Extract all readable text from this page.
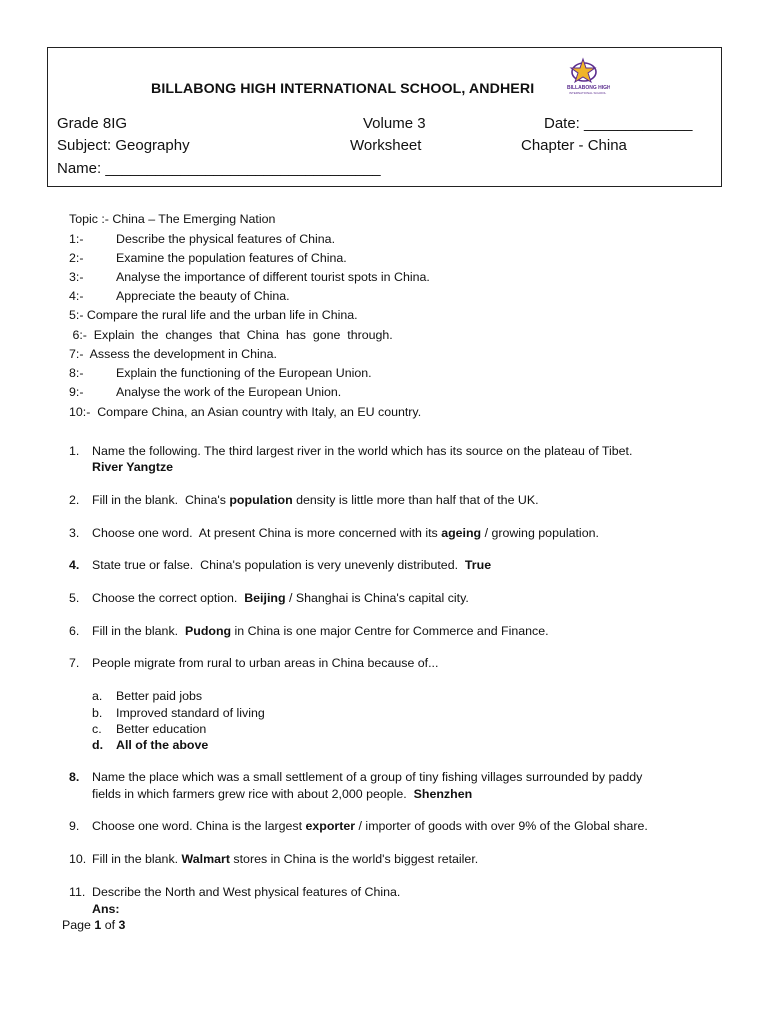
BILLABONG HIGH INTERNATIONAL SCHOOL, ANDHERI	BILLABONG HIGH
INTERNATIONAL SCHOOL
Grade 8IG	Volume 3	Date: _____________
Subject: Geography	Worksheet	Chapter - China
Name: _________________________________
Topic :- China – The Emerging Nation
1:-	Describe the physical features of China.
2:-	Examine the population features of China.
3:-	Analyse the importance of different tourist spots in China.
4:-	Appreciate the beauty of China.
5:- Compare the rural life and the urban life in China.
6:-  Explain  the  changes  that  China  has  gone  through.
7:-  Assess the development in China.
8:-	Explain the functioning of the European Union.
9:-	Analyse the work of the European Union.
10:-  Compare China, an Asian country with Italy, an EU country.
1. Name the following. The third largest river in the world which has its source on the plateau of Tibet.
River Yangtze
2. Fill in the blank.  China's population density is little more than half that of the UK.
3. Choose one word.  At present China is more concerned with its ageing / growing population.
4. State true or false.  China's population is very unevenly distributed.  True
5. Choose the correct option.  Beijing / Shanghai is China's capital city.
6. Fill in the blank.  Pudong in China is one major Centre for Commerce and Finance.
7. People migrate from rural to urban areas in China because of...
a. Better paid jobs
b. Improved standard of living
c. Better education
d. All of the above
8. Name the place which was a small settlement of a group of tiny fishing villages surrounded by paddy
fields in which farmers grew rice with about 2,000 people.  Shenzhen
9. Choose one word. China is the largest exporter / importer of goods with over 9% of the Global share.
10. Fill in the blank. Walmart stores in China is the world's biggest retailer.
11. Describe the North and West physical features of China.
Ans:
Page 1 of 3
